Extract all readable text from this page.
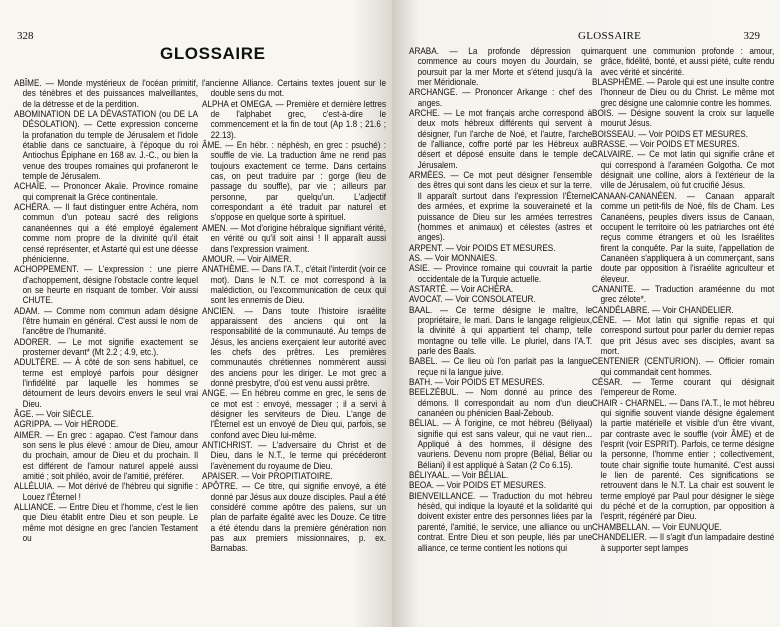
328
GLOSSAIRE

ABÎME. — Monde mystérieux de l'océan primitif, des ténèbres et des puissances malveillantes, de la détresse et de la perdition.

ABOMINATION DE LA DÉVASTATION (ou DE LA DÉSOLATION). — Cette expression concerne la profanation du temple de Jérusalem et l'idole établie dans ce sanctuaire, à l'époque du roi Antiochus Épiphane en 168 av. J.-C., ou bien la venue des troupes romaines qui profaneront le temple de Jérusalem.

ACHAÏE. — Prononcer Akaïe. Province romaine qui comprenait la Grèce continentale.

ACHÉRA. — Il faut distinguer entre Achéra, nom commun d'un poteau sacré des religions cananéennes qui a été employé également comme nom propre de la divinité qu'il était censé représenter, et Astarté qui est une déesse phénicienne.

ACHOPPEMENT. — L'expression : une pierre d'achoppement, désigne l'obstacle contre lequel on se heurte en risquant de tomber. Voir aussi CHUTE.

ADAM. — Comme nom commun adam désigne l'être humain en général. C'est aussi le nom de l'ancêtre de l'humanité.

ADORER. — Le mot signifie exactement se prosterner devant* (Mt 2.2 ; 4.9, etc.).

ADULTÈRE. — À côté de son sens habituel, ce terme est employé parfois pour désigner l'infidélité par laquelle les hommes se détournent de leurs devoirs envers le seul vrai Dieu.

ÂGE. — Voir SIÈCLE.

AGRIPPA. — Voir HÉRODE.

AIMER. — En grec : agapao. C'est l'amour dans son sens le plus élevé : amour de Dieu, amour du prochain, amour de Dieu et du prochain. Il est différent de l'amour naturel appelé aussi amitié ; soit philéo, avoir de l'amitié, préférer.

ALLÉLUIA. — Mot dérivé de l'hébreu qui signifie : Louez l'Éternel !

ALLIANCE. — Entre Dieu et l'homme, c'est le lien que Dieu établit entre Dieu et son peuple. Le même mot désigne en grec l'ancien Testament ou

l'ancienne Alliance. Certains textes jouent sur le double sens du mot.

ALPHA et OMEGA. — Première et dernière lettres de l'alphabet grec, c'est-à-dire le commencement et la fin de tout (Ap 1.8 ; 21.6 ; 22.13).

ÂME. — En hébr. : néphèsh, en grec : psuché) : souffle de vie. La traduction âme ne rend pas toujours exactement ce terme. Dans certains cas, on peut traduire par : gorge (lieu de passage du souffle), par vie ; ailleurs par personne, par quelqu'un. L'adjectif correspondant a été traduit par naturel et s'oppose en quelque sorte à spirituel.

AMEN. — Mot d'origine hébraïque signifiant vérité, en vérité ou qu'il soit ainsi ! Il apparaît aussi dans l'expression vraiment.

AMOUR. — Voir AIMER.

ANATHÈME. — Dans l'A.T., c'était l'interdit (voir ce mot). Dans le N.T. ce mot correspond à la malédiction, ou l'excommunication de ceux qui sont les ennemis de Dieu.

ANCIEN. — Dans toute l'histoire israélite apparaissent des anciens qui ont la responsabilité de la communauté. Au temps de Jésus, les anciens exerçaient leur autorité avec les chefs des prêtres. Les premières communautés chrétiennes nommèrent aussi des anciens pour les diriger. Le mot grec a donné presbytre, d'où est venu aussi prêtre.

ANGE. — En hébreu comme en grec, le sens de ce mot est : envoyé, messager ; il a servi à désigner les serviteurs de Dieu. L'ange de l'Éternel est un envoyé de Dieu qui, parfois, se confond avec Dieu lui-même.

ANTICHRIST. — L'adversaire du Christ et de Dieu, dans le N.T., le terme qui précéderont l'avènement du royaume de Dieu.

APAISER. — Voir PROPITIATOIRE.

APÔTRE. — Ce titre, qui signifie envoyé, a été donné par Jésus aux douze disciples. Paul a été considéré comme apôtre des païens, sur un plan de parfaite égalité avec les Douze. Ce titre a été étendu dans la première génération non pas aux premiers missionnaires, p. ex. Barnabas.

GLOSSAIRE	329

ARABA. — La profonde dépression qui commence au cours moyen du Jourdain, se poursuit par la mer Morte et s'étend jusqu'à la mer Méridionale.

ARCHANGE. — Prononcer Arkange : chef des anges.

ARCHE. — Le mot français arche correspond à deux mots hébreux différents qui servent à désigner, l'un l'arche de Noé, et l'autre, l'arche de l'alliance, coffre porté par les Hébreux au désert et déposé ensuite dans le temple de Jérusalem.

ARMÉES. — Ce mot peut désigner l'ensemble des êtres qui sont dans les cieux et sur la terre. Il apparaît surtout dans l'expression l'Éternel des armées, et exprime la souveraineté et la puissance de Dieu sur les armées terrestres (hommes et animaux) et célestes (astres et anges).

ARPENT. — Voir POIDS ET MESURES.

AS. — Voir MONNAIES.

ASIE. — Province romaine qui couvrait la partie occidentale de la Turquie actuelle.

ASTARTÉ. — Voir ACHÉRA.

AVOCAT. — Voir CONSOLATEUR.

BAAL. — Ce terme désigne le maître, le propriétaire, le mari. Dans le langage religieux, la divinité à qui appartient tel champ, telle montagne ou telle ville. Le pluriel, dans l'A.T. parle des Baals.

BABEL. — Ce lieu où l'on parlait pas la langue reçue ni la langue juive.

BATH. — Voir POIDS ET MESURES.

BEELZÉBUL. — Nom donné au prince des démons. Il correspondait au nom d'un dieu cananéen ou phénicien Baal-Zeboub.

BÉLIAL. — À l'origine, ce mot hébreu (Béliyaal) signifie qui est sans valeur, qui ne vaut rien... Appliqué à des hommes, il désigne des vauriens. Devenu nom propre (Bélial, Béliar ou Béliani) il est appliqué à Satan (2 Co 6.15).

BÉLIYAAL. — Voir BÉLIAL.

BEOA. — Voir POIDS ET MESURES.

BIENVEILLANCE. — Traduction du mot hébreu hésèd, qui indique la loyauté et la solidarité qui doivent exister entre des personnes liées par la parenté, l'amitié, le service, une alliance ou un contrat. Entre Dieu et son peuple, liés par une alliance, ce terme contient les notions qui

marquent une communion profonde : amour, grâce, fidélité, bonté, et aussi piété, culte rendu avec vérité et sincérité.

BLASPHÈME. — Parole qui est une insulte contre l'honneur de Dieu ou du Christ. Le même mot grec désigne une calomnie contre les hommes.

BOIS. — Désigne souvent la croix sur laquelle mourut Jésus.

BOISSEAU. — Voir POIDS ET MESURES.

BRASSE. — Voir POIDS ET MESURES.

CALVAIRE. — Ce mot latin qui signifie crâne et qui correspond à l'araméen Golgotha. Ce mot désignait une colline, alors à l'extérieur de la ville de Jérusalem, où fut crucifié Jésus.

CANAAN-CANANÉEN. — Canaan apparaît comme un petit-fils de Noé, fils de Cham. Les Cananéens, peuples divers issus de Canaan, occupent le territoire où les patriarches ont été reçus comme étrangers et où les Israélites firent la conquête. Par la suite, l'appellation de Cananéen s'appliquera à un commerçant, sans doute par opposition à l'israélite agriculteur et éleveur.

CANANITE. — Traduction araméenne du mot grec zélote*.

CANDÉLABRE. — Voir CHANDELIER.

CÈNE. — Mot latin qui signifie repas et qui correspond surtout pour parler du dernier repas que prit Jésus avec ses disciples, avant sa mort.

CENTENIER (CENTURION). — Officier romain qui commandait cent hommes.

CÉSAR. — Terme courant qui désignait l'empereur de Rome.

CHAIR - CHARNEL. — Dans l'A.T., le mot hébreu qui signifie souvent viande désigne également la partie matérielle et visible d'un être vivant, par contraste avec le souffle (voir ÂME) et de l'esprit (voir ESPRIT). Parfois, ce terme désigne la personne, l'homme entier ; collectivement, toute chair signifie toute humanité. C'est aussi le lien de parenté. Ces significations se retrouvent dans le N.T. La chair est souvent le terme employé par Paul pour désigner le siège du péché et de la corruption, par opposition à l'esprit, régénéré par Dieu.

CHAMBELLAN. — Voir EUNUQUE.

CHANDELIER. — Il s'agit d'un lampadaire destiné à supporter sept lampes
